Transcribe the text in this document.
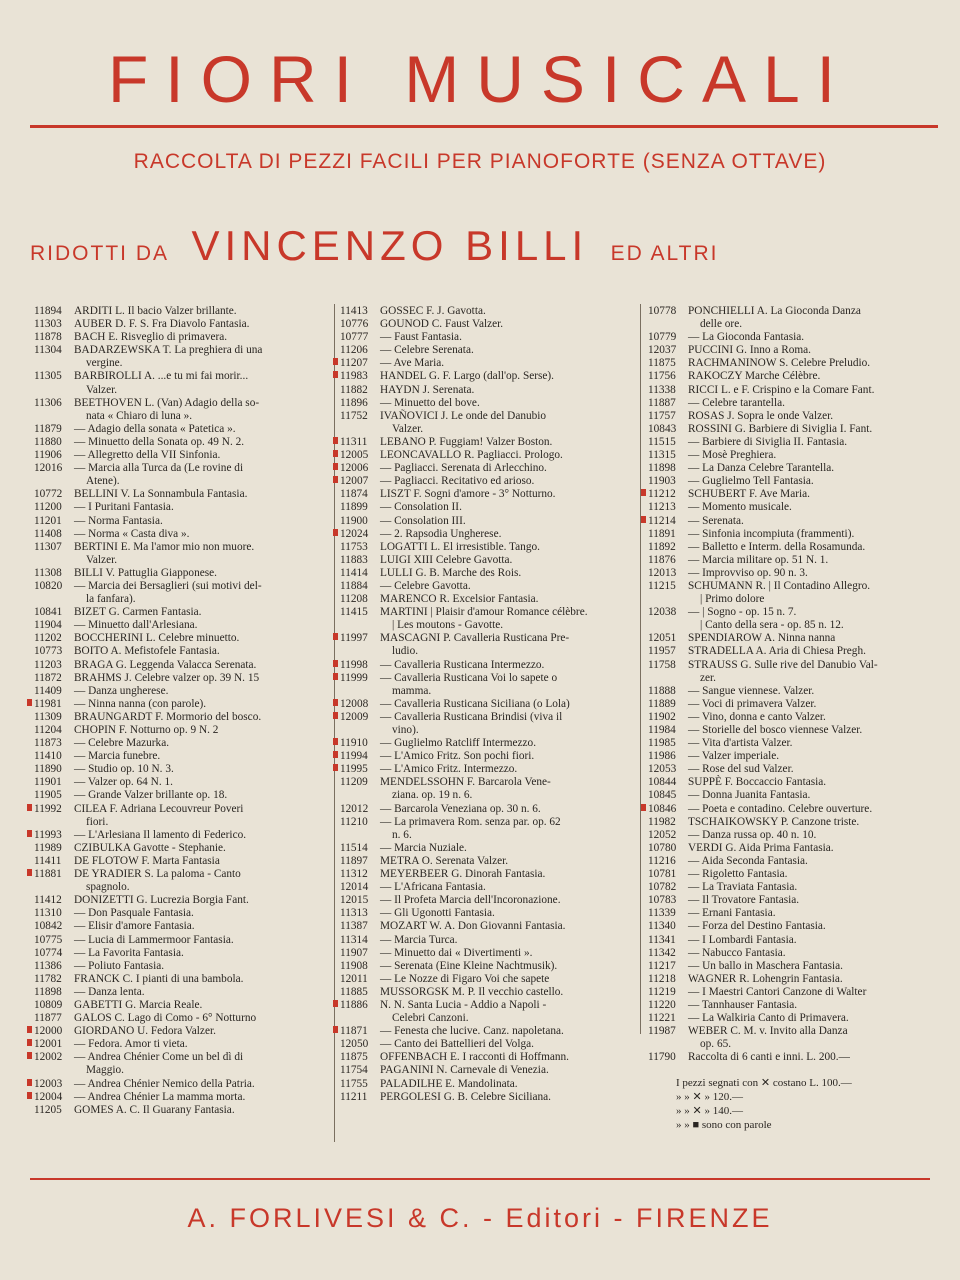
FIORI MUSICALI
RACCOLTA DI PEZZI FACILI PER PIANOFORTE (SENZA OTTAVE)
RIDOTTI DA VINCENZO BILLI ED ALTRI
11894	ARDITI L. Il bacio Valzer brillante.
11303	AUBER D. F. S. Fra Diavolo Fantasia.
11878	BACH E. Risveglio di primavera.
11304	BADARZEWSKA T. La preghiera di una
vergine.
11305	BARBIROLLI A. ...e tu mi fai morir...
Valzer.
11306	BEETHOVEN L. (Van) Adagio della so-
nata « Chiaro di luna ».
11879	— Adagio della sonata « Patetica ».
11880	— Minuetto della Sonata op. 49 N. 2.
11906	— Allegretto della VII Sinfonia.
12016	— Marcia alla Turca da (Le rovine di
Atene).
10772	BELLINI V. La Sonnambula Fantasia.
11200	— I Puritani Fantasia.
11201	— Norma Fantasia.
11408	— Norma « Casta diva ».
11307	BERTINI E. Ma l'amor mio non muore.
Valzer.
11308	BILLI V. Pattuglia Giapponese.
10820	— Marcia dei Bersaglieri (sui motivi del-
la fanfara).
10841	BIZET G. Carmen Fantasia.
11904	— Minuetto dall'Arlesiana.
11202	BOCCHERINI L. Celebre minuetto.
10773	BOITO A. Mefistofele Fantasia.
11203	BRAGA G. Leggenda Valacca Serenata.
11872	BRAHMS J. Celebre valzer op. 39 N. 15
11409	— Danza ungherese.
11981	— Ninna nanna (con parole).
11309	BRAUNGARDT F. Mormorio del bosco.
11204	CHOPIN F. Notturno op. 9 N. 2
11873	— Celebre Mazurka.
11410	— Marcia funebre.
11890	— Studio op. 10 N. 3.
11901	— Valzer op. 64 N. 1.
11905	— Grande Valzer brillante op. 18.
11992	CILEA F. Adriana Lecouvreur Poveri
fiori.
11993	— L'Arlesiana Il lamento di Federico.
11989	CZIBULKA Gavotte - Stephanie.
11411	DE FLOTOW F. Marta Fantasia
11881	DE YRADIER S. La paloma - Canto
spagnolo.
11412	DONIZETTI G. Lucrezia Borgia Fant.
11310	— Don Pasquale Fantasia.
10842	— Elisir d'amore Fantasia.
10775	— Lucia di Lammermoor Fantasia.
10774	— La Favorita Fantasia.
11386	— Poliuto Fantasia.
11782	FRANCK C. I pianti di una bambola.
11898	— Danza lenta.
10809	GABETTI G. Marcia Reale.
11877	GALOS C. Lago di Como - 6° Notturno
12000	GIORDANO U. Fedora Valzer.
12001	— Fedora. Amor ti vieta.
12002	— Andrea Chénier Come un bel dì di
Maggio.
12003	— Andrea Chénier Nemico della Patria.
12004	— Andrea Chénier La mamma morta.
11205	GOMES A. C. Il Guarany Fantasia.
11413	GOSSEC F. J. Gavotta.
10776	GOUNOD C. Faust Valzer.
10777	— Faust Fantasia.
11206	— Celebre Serenata.
11207	— Ave Maria.
11983	HANDEL G. F. Largo (dall'op. Serse).
11882	HAYDN J. Serenata.
11896	— Minuetto del bove.
11752	IVAÑOVICI J. Le onde del Danubio
Valzer.
11311	LEBANO P. Fuggiam! Valzer Boston.
12005	LEONCAVALLO R. Pagliacci. Prologo.
12006	— Pagliacci. Serenata di Arlecchino.
12007	— Pagliacci. Recitativo ed arioso.
11874	LISZT F. Sogni d'amore - 3° Notturno.
11899	— Consolation II.
11900	— Consolation III.
12024	— 2. Rapsodia Ungherese.
11753	LOGATTI L. El irresistible. Tango.
11883	LUIGI XIII Celebre Gavotta.
11414	LULLI G. B. Marche des Rois.
11884	— Celebre Gavotta.
11208	MARENCO R. Excelsior Fantasia.
11415	MARTINI | Plaisir d'amour Romance célèbre.
| Les moutons - Gavotte.
11997	MASCAGNI P. Cavalleria Rusticana Pre-
ludio.
11998	— Cavalleria Rusticana Intermezzo.
11999	— Cavalleria Rusticana Voi lo sapete o
mamma.
12008	— Cavalleria Rusticana Siciliana (o Lola)
12009	— Cavalleria Rusticana Brindisi (viva il
vino).
11910	— Guglielmo Ratcliff Intermezzo.
11994	— L'Amico Fritz. Son pochi fiori.
11995	— L'Amico Fritz. Intermezzo.
11209	MENDELSSOHN F. Barcarola Vene-
ziana. op. 19 n. 6.
12012	— Barcarola Veneziana op. 30 n. 6.
11210	— La primavera Rom. senza par. op. 62
n. 6.
11514	— Marcia Nuziale.
11897	METRA O. Serenata Valzer.
11312	MEYERBEER G. Dinorah Fantasia.
12014	— L'Africana Fantasia.
12015	— Il Profeta Marcia dell'Incoronazione.
11313	— Gli Ugonotti Fantasia.
11387	MOZART W. A. Don Giovanni Fantasia.
11314	— Marcia Turca.
11907	— Minuetto dai « Divertimenti ».
11908	— Serenata (Eine Kleine Nachtmusik).
12011	— Le Nozze di Figaro Voi che sapete
11885	MUSSORGSK M. P. Il vecchio castello.
11886	N. N. Santa Lucia - Addio a Napoli -
Celebri Canzoni.
11871	— Fenesta che lucive. Canz. napoletana.
12050	— Canto dei Battellieri del Volga.
11875	OFFENBACH E. I racconti di Hoffmann.
11754	PAGANINI N. Carnevale di Venezia.
11755	PALADILHE E. Mandolinata.
11211	PERGOLESI G. B. Celebre Siciliana.
10778	PONCHIELLI A. La Gioconda Danza
delle ore.
10779	— La Gioconda Fantasia.
12037	PUCCINI G. Inno a Roma.
11875	RACHMANINOW S. Celebre Preludio.
11756	RAKOCZY Marche Célèbre.
11338	RICCI L. e F. Crispino e la Comare Fant.
11887	— Celebre tarantella.
11757	ROSAS J. Sopra le onde Valzer.
10843	ROSSINI G. Barbiere di Siviglia I. Fant.
11515	— Barbiere di Siviglia II. Fantasia.
11315	— Mosè Preghiera.
11898	— La Danza Celebre Tarantella.
11903	— Guglielmo Tell Fantasia.
11212	SCHUBERT F. Ave Maria.
11213	— Momento musicale.
11214	— Serenata.
11891	— Sinfonia incompiuta (frammenti).
11892	— Balletto e Interm. della Rosamunda.
11876	— Marcia militare op. 51 N. 1.
12013	— Improvviso op. 90 n. 3.
11215	SCHUMANN R. | Il Contadino Allegro.
| Primo dolore
12038	— | Sogno - op. 15 n. 7.
| Canto della sera - op. 85 n. 12.
12051	SPENDIAROW A. Ninna nanna
11957	STRADELLA A. Aria di Chiesa Pregh.
11758	STRAUSS G. Sulle rive del Danubio Val-
zer.
11888	— Sangue viennese. Valzer.
11889	— Voci di primavera Valzer.
11902	— Vino, donna e canto Valzer.
11984	— Storielle del bosco viennese Valzer.
11985	— Vita d'artista Valzer.
11986	— Valzer imperiale.
12053	— Rose del sud Valzer.
10844	SUPPÈ F. Boccaccio Fantasia.
10845	— Donna Juanita Fantasia.
10846	— Poeta e contadino. Celebre ouverture.
11982	TSCHAIKOWSKY P. Canzone triste.
12052	— Danza russa op. 40 n. 10.
10780	VERDI G. Aida Prima Fantasia.
11216	— Aida Seconda Fantasia.
10781	— Rigoletto Fantasia.
10782	— La Traviata Fantasia.
10783	— Il Trovatore Fantasia.
11339	— Ernani Fantasia.
11340	— Forza del Destino Fantasia.
11341	— I Lombardi Fantasia.
11342	— Nabucco Fantasia.
11217	— Un ballo in Maschera Fantasia.
11218	WAGNER R. Lohengrin Fantasia.
11219	— I Maestri Cantori Canzone di Walter
11220	— Tannhauser Fantasia.
11221	— La Walkiria Canto di Primavera.
11987	WEBER C. M. v. Invito alla Danza
op. 65.
11790	Raccolta di 6 canti e inni. L. 200.—
I pezzi segnati con ✕ costano L. 100.—
» » ✕ » 120.—
» » ✕ » 140.—
» » ■ sono con parole
A. FORLIVESI & C. - Editori - FIRENZE
